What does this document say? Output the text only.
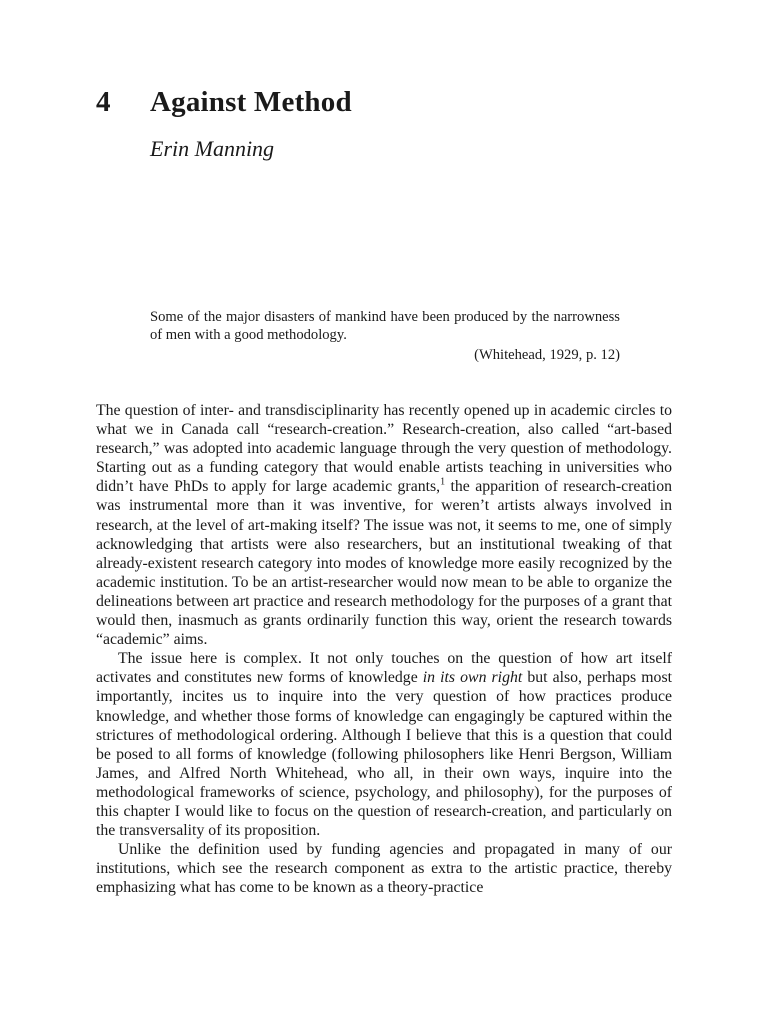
4	Against Method
Erin Manning

Some of the major disasters of mankind have been produced by the narrowness of men with a good methodology.

(Whitehead, 1929, p. 12)

The question of inter- and transdisciplinarity has recently opened up in academic circles to what we in Canada call “research-creation.” Research-creation, also called “art-based research,” was adopted into academic language through the very question of methodology. Starting out as a funding category that would enable artists teaching in universities who didn’t have PhDs to apply for large academic grants,$^1$ the apparition of research-creation was instrumental more than it was inventive, for weren’t artists always involved in research, at the level of art-making itself? The issue was not, it seems to me, one of simply acknowledging that artists were also researchers, but an institutional tweaking of that already-existent research category into modes of knowledge more easily recognized by the academic institution. To be an artist-researcher would now mean to be able to organize the delineations between art practice and research methodology for the purposes of a grant that would then, inasmuch as grants ordinarily function this way, orient the research towards “academic” aims.

The issue here is complex. It not only touches on the question of how art itself activates and constitutes new forms of knowledge in its own right but also, perhaps most importantly, incites us to inquire into the very question of how practices produce knowledge, and whether those forms of knowledge can engagingly be captured within the strictures of methodological ordering. Although I believe that this is a question that could be posed to all forms of knowledge (following philosophers like Henri Bergson, William James, and Alfred North Whitehead, who all, in their own ways, inquire into the methodological frameworks of science, psychology, and philosophy), for the purposes of this chapter I would like to focus on the question of research-creation, and particularly on the transversality of its proposition.

Unlike the definition used by funding agencies and propagated in many of our institutions, which see the research component as extra to the artistic practice, thereby emphasizing what has come to be known as a theory-practice
